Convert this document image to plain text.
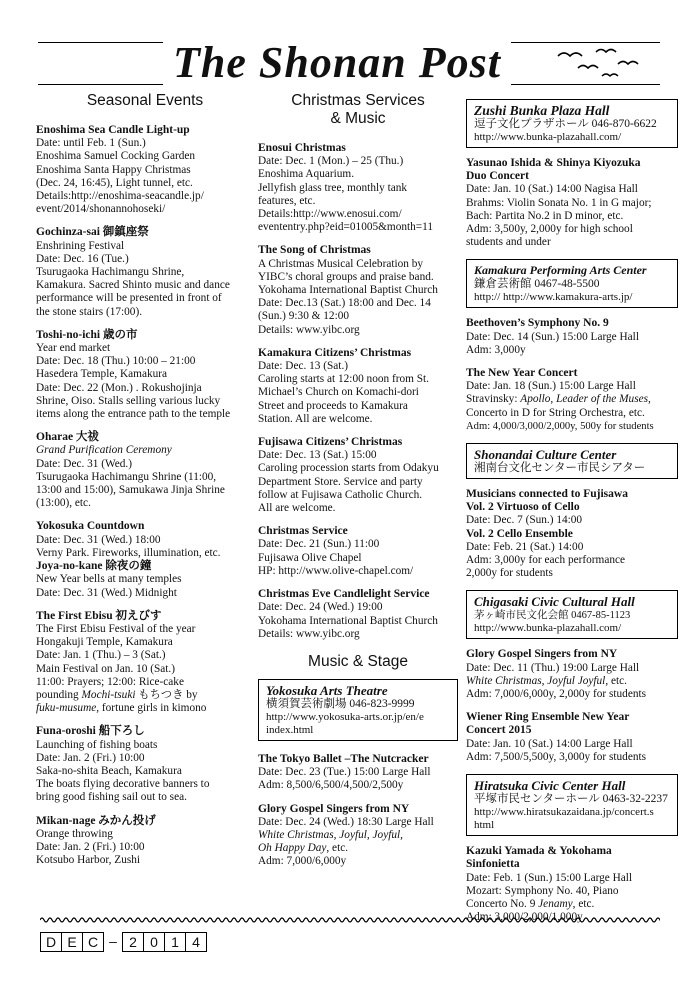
The Shonan Post
Seasonal Events
Enoshima Sea Candle Light-up

Date: until Feb. 1 (Sun.)

Enoshima Samuel Cocking Garden

Enoshima Santa Happy Christmas

(Dec. 24, 16:45), Light tunnel, etc.

Details:http://enoshima-seacandle.jp/

event/2014/shonannohoseki/

Gochinza-sai 御鎮座祭

Enshrining Festival

Date: Dec. 16 (Tue.)

Tsurugaoka Hachimangu Shrine,

Kamakura. Sacred Shinto music and dance

performance will be presented in front of

the stone stairs (17:00).

Toshi-no-ichi 歳の市

Year end market

Date: Dec. 18 (Thu.) 10:00 – 21:00

Hasedera Temple, Kamakura

Date: Dec. 22 (Mon.) . Rokushojinja

Shrine, Oiso. Stalls selling various lucky

items along the entrance path to the temple

Oharae 大祓

Grand Purification Ceremony

Date: Dec. 31 (Wed.)

Tsurugaoka Hachimangu Shrine (11:00,

13:00 and 15:00), Samukawa Jinja Shrine

(13:00), etc.

Yokosuka Countdown

Date: Dec. 31 (Wed.) 18:00

Verny Park. Fireworks, illumination, etc.

Joya-no-kane 除夜の鐘

New Year bells at many temples

Date: Dec. 31 (Wed.) Midnight

The First Ebisu 初えびす

The First Ebisu Festival of the year

Hongakuji Temple, Kamakura

Date: Jan. 1 (Thu.) – 3 (Sat.)

Main Festival on Jan. 10 (Sat.)

11:00: Prayers; 12:00: Rice-cake

pounding Mochi-tsuki もちつき by

fuku-musume, fortune girls in kimono

Funa-oroshi 船下ろし

Launching of fishing boats

Date: Jan. 2 (Fri.) 10:00

Saka-no-shita Beach, Kamakura

The boats flying decorative banners to

bring good fishing sail out to sea.

Mikan-nage みかん投げ

Orange throwing

Date: Jan. 2 (Fri.) 10:00

Kotsubo Harbor, Zushi

Christmas Services
& Music
Enosui Christmas

Date: Dec. 1 (Mon.) – 25 (Thu.)

Enoshima Aquarium.

Jellyfish glass tree, monthly tank

features, etc.

Details:http://www.enosui.com/

evententry.php?eid=01005&month=11

The Song of Christmas

A Christmas Musical Celebration by

YIBC’s choral groups and praise band.

Yokohama International Baptist Church

Date: Dec.13 (Sat.) 18:00 and Dec. 14

(Sun.) 9:30 & 12:00

Details: www.yibc.org

Kamakura Citizens’ Christmas

Date: Dec. 13 (Sat.)

Caroling starts at 12:00 noon from St.

Michael’s Church on Komachi-dori

Street and proceeds to Kamakura

Station. All are welcome.

Fujisawa Citizens’ Christmas

Date: Dec. 13 (Sat.) 15:00

Caroling procession starts from Odakyu

Department Store. Service and party

follow at Fujisawa Catholic Church.

All are welcome.

Christmas Service

Date: Dec. 21 (Sun.) 11:00

Fujisawa Olive Chapel

HP: http://www.olive-chapel.com/

Christmas Eve Candlelight Service

Date: Dec. 24 (Wed.) 19:00

Yokohama International Baptist Church

Details: www.yibc.org

Music & Stage
Yokosuka Arts Theatre
横須賀芸術劇場 046-823-9999
http://www.yokosuka-arts.or.jp/en/e
index.html
The Tokyo Ballet –The Nutcracker

Date: Dec. 23 (Tue.) 15:00 Large Hall

Adm: 8,500/6,500/4,500/2,500y

Glory Gospel Singers from NY

Date: Dec. 24 (Wed.) 18:30 Large Hall

White Christmas, Joyful, Joyful,

Oh Happy Day, etc.

Adm: 7,000/6,000y

Zushi Bunka Plaza Hall
逗子文化プラザホール 046-870-6622
http://www.bunka-plazahall.com/
Yasunao Ishida & Shinya Kiyozuka
Duo Concert

Date: Jan. 10 (Sat.) 14:00 Nagisa Hall

Brahms: Violin Sonata No. 1 in G major;

Bach: Partita No.2 in D minor, etc.

Adm: 3,500y, 2,000y for high school

students and under

Kamakura Performing Arts Center
鎌倉芸術館 0467-48-5500
http:// http://www.kamakura-arts.jp/
Beethoven’s Symphony No. 9

Date: Dec. 14 (Sun.) 15:00 Large Hall

Adm: 3,000y

The New Year Concert

Date: Jan. 18 (Sun.) 15:00 Large Hall

Stravinsky: Apollo, Leader of the Muses,

Concerto in D for String Orchestra, etc.

Adm: 4,000/3,000/2,000y, 500y for students

Shonandai Culture Center
湘南台文化センター市民シアター
Musicians connected to Fujisawa
Vol. 2 Virtuoso of Cello

Date: Dec. 7 (Sun.) 14:00

Vol. 2 Cello Ensemble

Date: Feb. 21 (Sat.) 14:00

Adm: 3,000y for each performance

2,000y for students

Chigasaki Civic Cultural Hall
茅ヶ崎市民文化会館 0467-85-1123
http://www.bunka-plazahall.com/
Glory Gospel Singers from NY

Date: Dec. 11 (Thu.) 19:00 Large Hall

White Christmas, Joyful Joyful, etc.

Adm: 7,000/6,000y, 2,000y for students

Wiener Ring Ensemble New Year
Concert 2015

Date: Jan. 10 (Sat.) 14:00 Large Hall

Adm: 7,500/5,500y, 3,000y for students

Hiratsuka Civic Center Hall
平塚市民センターホール 0463-32-2237
http://www.hiratsukazaidana.jp/concert.s
html
Kazuki Yamada & Yokohama
Sinfonietta

Date: Feb. 1 (Sun.) 15:00 Large Hall

Mozart: Symphony No. 40, Piano

Concerto No. 9 Jenamy, etc.

Adm: 3,000/2,000/1,000y

D E C – 2 0 1 4
